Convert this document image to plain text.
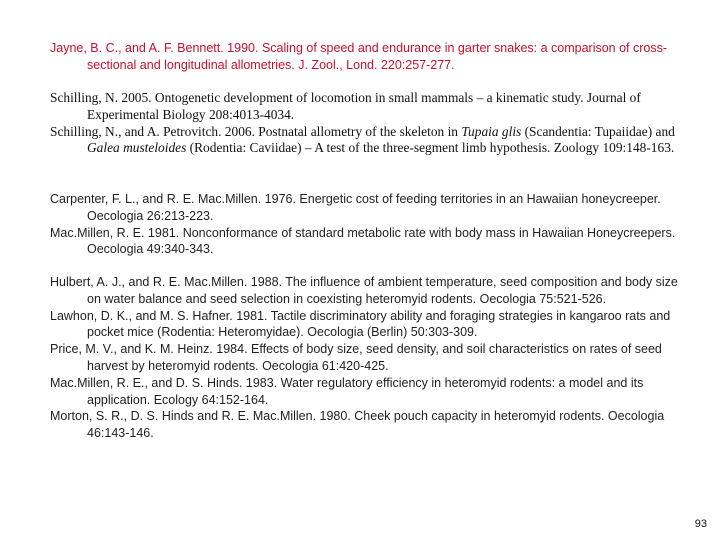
Jayne, B. C., and A. F. Bennett. 1990. Scaling of speed and endurance in garter snakes: a comparison of cross-sectional and longitudinal allometries. J. Zool., Lond. 220:257-277.

Schilling, N. 2005. Ontogenetic development of locomotion in small mammals – a kinematic study. Journal of Experimental Biology 208:4013-4034.

Schilling, N., and A. Petrovitch. 2006. Postnatal allometry of the skeleton in Tupaia glis (Scandentia: Tupaiidae) and Galea musteloides (Rodentia: Caviidae) – A test of the three-segment limb hypothesis. Zoology 109:148-163.

Carpenter, F. L., and R. E. Mac.Millen. 1976. Energetic cost of feeding territories in an Hawaiian honeycreeper. Oecologia 26:213-223.

Mac.Millen, R. E. 1981. Nonconformance of standard metabolic rate with body mass in Hawaiian Honeycreepers. Oecologia 49:340-343.

Hulbert, A. J., and R. E. Mac.Millen. 1988. The influence of ambient temperature, seed composition and body size on water balance and seed selection in coexisting heteromyid rodents. Oecologia 75:521-526.

Lawhon, D. K., and M. S. Hafner. 1981. Tactile discriminatory ability and foraging strategies in kangaroo rats and pocket mice (Rodentia: Heteromyidae). Oecologia (Berlin) 50:303-309.

Price, M. V., and K. M. Heinz. 1984. Effects of body size, seed density, and soil characteristics on rates of seed harvest by heteromyid rodents. Oecologia 61:420-425.

Mac.Millen, R. E., and D. S. Hinds. 1983. Water regulatory efficiency in heteromyid rodents: a model and its application. Ecology 64:152-164.

Morton, S. R., D. S. Hinds and R. E. Mac.Millen. 1980. Cheek pouch capacity in heteromyid rodents. Oecologia 46:143-146.

93
